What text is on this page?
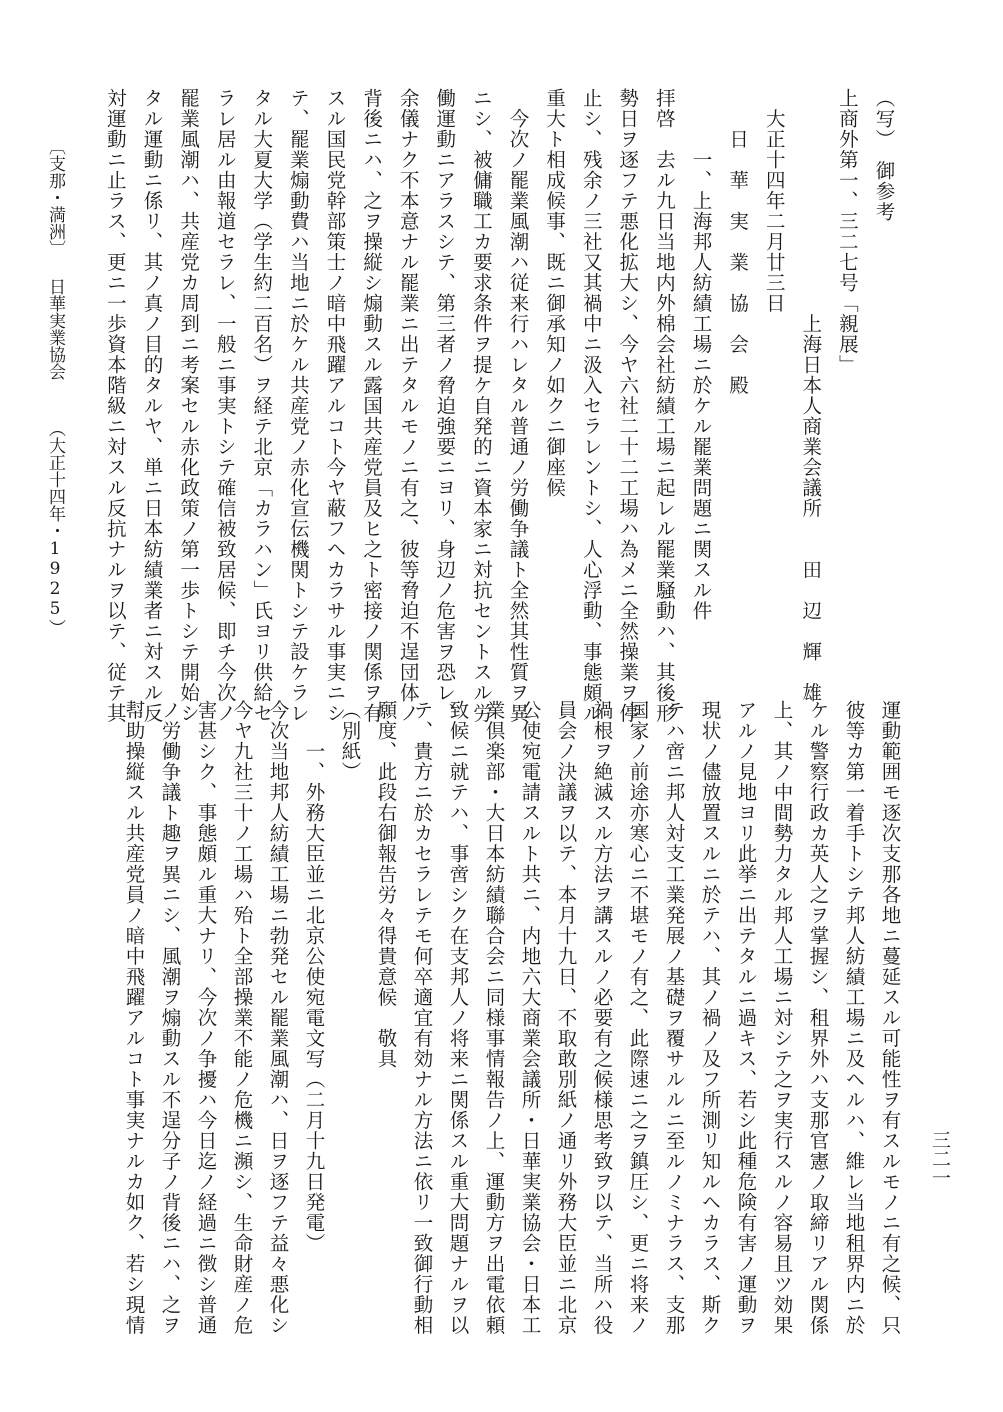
（写）　御参考
上商外第一、三二七号「親展」
　　　　　　　　　　　上海日本人商業会議所　　田　辺　輝　雄
　大正十四年二月廿三日
　　日　華　実　業　協　会　殿
　　　一、上海邦人紡績工場ニ於ケル罷業問題ニ関スル件
拝啓　去ル九日当地内外棉会社紡績工場ニ起レル罷業騒動ハ、其後形
勢日ヲ逐フテ悪化拡大シ、今ヤ六社二十二工場ハ為メニ全然操業ヲ停
止シ、残余ノ三社又其禍中ニ汲入セラレントシ、人心浮動、事態頗ル
重大ト相成候事、既ニ御承知ノ如クニ御座候
　今次ノ罷業風潮ハ従来行ハレタル普通ノ労働争議ト全然其性質ヲ異
ニシ、被傭職工カ要求条件ヲ提ケ自発的ニ資本家ニ対抗セントスル労
働運動ニアラスシテ、第三者ノ脅迫強要ニヨリ、身辺ノ危害ヲ恐レ、
余儀ナク不本意ナル罷業ニ出テタルモノニ有之、彼等脅迫不逞団体ノ
背後ニハ、之ヲ操縦シ煽動スル露国共産党員及ヒ之ト密接ノ関係ヲ有
スル国民党幹部策士ノ暗中飛躍アルコト今ヤ蔽フヘカラサル事実ニシ
テ、罷業煽動費ハ当地ニ於ケル共産党ノ赤化宣伝機関トシテ設ケラレ
タル大夏大学（学生約二百名）ヲ経テ北京「カラハン」氏ヨリ供給セ
ラレ居ル由報道セラレ、一般ニ事実トシテ確信被致居候、即チ今次ノ
罷業風潮ハ、共産党カ周到ニ考案セル赤化政策ノ第一歩トシテ開始シ
タル運動ニ係リ、其ノ真ノ目的タルヤ、単ニ日本紡績業者ニ対スル反
対運動ニ止ラス、更ニ一歩資本階級ニ対スル反抗ナルヲ以テ、従テ其
運動範囲モ逐次支那各地ニ蔓延スル可能性ヲ有スルモノニ有之候、只
彼等カ第一着手トシテ邦人紡績工場ニ及ヘルハ、維レ当地租界内ニ於
ケル警察行政カ英人之ヲ掌握シ、租界外ハ支那官憲ノ取締リアル関係
上、其ノ中間勢力タル邦人工場ニ対シテ之ヲ実行スルノ容易且ツ効果
アルノ見地ヨリ此挙ニ出テタルニ過キス、若シ此種危険有害ノ運動ヲ
現状ノ儘放置スルニ於テハ、其ノ禍ノ及フ所測リ知ルヘカラス、斯ク
テハ啻ニ邦人対支工業発展ノ基礎ヲ覆サルルニ至ルノミナラス、支那
国家ノ前途亦寒心ニ不堪モノ有之、此際速ニ之ヲ鎮圧シ、更ニ将来ノ
禍根ヲ絶滅スル方法ヲ講スルノ必要有之候様思考致ヲ以テ、当所ハ役
員会ノ決議ヲ以テ、本月十九日、不取敢別紙ノ通リ外務大臣並ニ北京
公使宛電請スルト共ニ、内地六大商業会議所・日華実業協会・日本工
業倶楽部・大日本紡績聯合会ニ同様事情報告ノ上、運動方ヲ出電依頼
致候ニ就テハ、事啻シク在支邦人ノ将来ニ関係スル重大問題ナルヲ以
テ、貴方ニ於カセラレテモ何卒適宜有効ナル方法ニ依リ一致御行動相
願度、此段右御報告労々得貴意候　敬具
（別紙）
　　一、外務大臣並ニ北京公使宛電文写（二月十九日発電）
今次当地邦人紡績工場ニ勃発セル罷業風潮ハ、日ヲ逐フテ益々悪化シ
今ヤ九社三十ノ工場ハ殆ト全部操業不能ノ危機ニ瀕シ、生命財産ノ危
害甚シク、事態頗ル重大ナリ、今次ノ争擾ハ今日迄ノ経過ニ徴シ普通
ノ労働争議ト趣ヲ異ニシ、風潮ヲ煽動スル不逞分子ノ背後ニハ、之ヲ
幇助操縦スル共産党員ノ暗中飛躍アルコト事実ナルカ如ク、若シ現情	三二一
〔支那・満洲〕
日華実業協会
（大正十四年・1925）
